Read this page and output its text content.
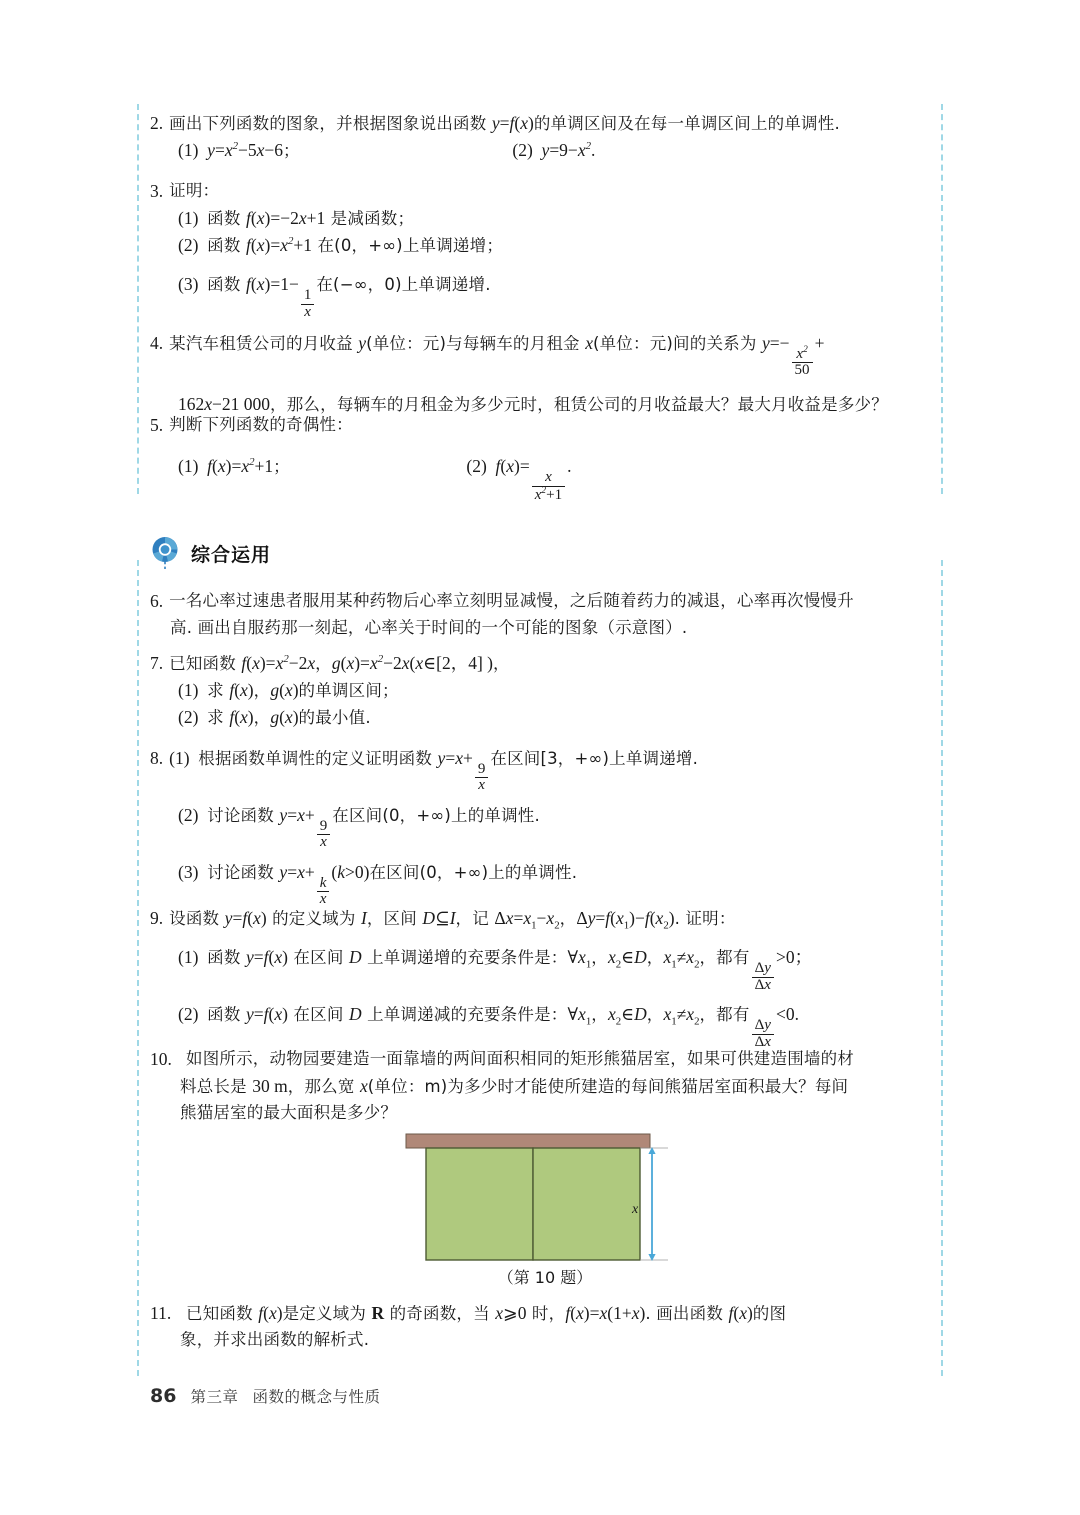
2. 画出下列函数的图象，并根据图象说出函数 y=f(x)的单调区间及在每一单调区间上的单调性.
(1) $y=x^2-5x-6$；	(2) $y=9-x^2$.
3. 证明：
(1) 函数 f(x)=−2x+1 是减函数；
(2) 函数 $f(x)=x^2+1$ 在(0，+∞)上单调递增；
(3) 函数 f(x)=1−
$\frac{1}{x}$
在(−∞，0)上单调递增.
4. 某汽车租赁公司的月收益 y(单位：元)与每辆车的月租金 x(单位：元)间的关系为 y=−
$\frac{x^2}{50}$
+
162x−21 000，那么，每辆车的月租金为多少元时，租赁公司的月收益最大？最大月收益是多少？
5. 判断下列函数的奇偶性：
(1) $f(x)=x^2+1$；	(2) f(x)=
$\frac{x}{x^2+1}$
.
综合运用
6. 一名心率过速患者服用某种药物后心率立刻明显减慢，之后随着药力的减退，心率再次慢慢升
高. 画出自服药那一刻起，心率关于时间的一个可能的图象（示意图）.
7. 已知函数 $f(x)=x^2-2x$，$g(x)=x^2-2x(x\in[2$，4] )，
(1) 求 f(x)，g(x)的单调区间；
(2) 求 f(x)，g(x)的最小值.
8. (1) 根据函数单调性的定义证明函数 y=x+
$\frac{9}{x}$
在区间[3，+∞)上单调递增.
(2) 讨论函数 y=x+
$\frac{9}{x}$
在区间(0，+∞)上的单调性.
(3) 讨论函数 y=x+
$\frac{k}{x}$
(k>0)在区间(0，+∞)上的单调性.
9. 设函数 y=f(x) 的定义域为 I，区间 D⊆I，记 $\Delta x=x_1-x_2$，$\Delta y=f(x_1)-f(x_2)$. 证明：
(1) 函数 y=f(x) 在区间 D 上单调递增的充要条件是：$\forall x_1$，$x_2\in D$，$x_1\ne x_2$，都有
$\frac{\Delta y}{\Delta x}$
>0；
(2) 函数 y=f(x) 在区间 D 上单调递减的充要条件是：$\forall x_1$，$x_2\in D$，$x_1\ne x_2$，都有
$\frac{\Delta y}{\Delta x}$
<0.
10. 如图所示，动物园要建造一面靠墙的两间面积相同的矩形熊猫居室，如果可供建造围墙的材
料总长是 30 m，那么宽 x(单位：m)为多少时才能使所建造的每间熊猫居室面积最大？每间
熊猫居室的最大面积是多少？
x
（第 10 题）
11. 已知函数 f(x)是定义域为 R 的奇函数，当 x⩾0 时，f(x)=x(1+x). 画出函数 f(x)的图
象，并求出函数的解析式.
86 第三章 函数的概念与性质
